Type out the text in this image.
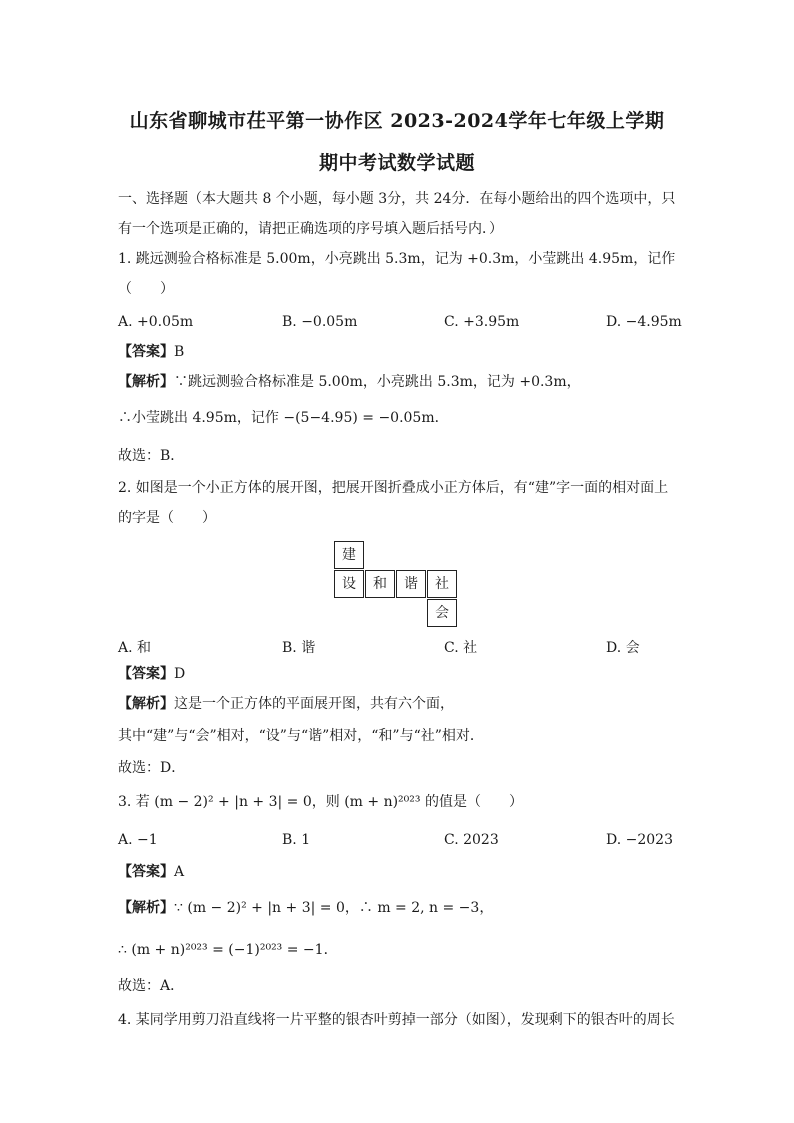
山东省聊城市茌平第一协作区 2023-2024学年七年级上学期
期中考试数学试题
一、选择题（本大题共 8 个小题，每小题 3分，共 24分．在每小题给出的四个选项中，只
有一个选项是正确的，请把正确选项的序号填入题后括号内．）
1. 跳远测验合格标准是 5.00m，小亮跳出 5.3m，记为 +0.3m，小莹跳出 4.95m，记作
（　　）
A. +0.05m	B. −0.05m	C. +3.95m	D. −4.95m
【答案】B
【解析】∵跳远测验合格标准是 5.00m，小亮跳出 5.3m，记为 +0.3m，
∴小莹跳出 4.95m，记作 −(5−4.95) = −0.05m．
故选：B．
2. 如图是一个小正方体的展开图，把展开图折叠成小正方体后，有“建”字一面的相对面上
的字是（　　）
建
设	和	谐	社
会
A. 和	B. 谐	C. 社	D. 会
【答案】D
【解析】这是一个正方体的平面展开图，共有六个面，
其中“建”与“会”相对，“设”与“谐”相对，“和”与“社”相对．
故选：D．
3. 若 (m − 2)² + |n + 3| = 0，则 (m + n)²⁰²³ 的值是（　　）
A. −1	B. 1	C. 2023	D. −2023
【答案】A
【解析】∵ (m − 2)² + |n + 3| = 0，∴ m = 2, n = −3，
∴ (m + n)²⁰²³ = (−1)²⁰²³ = −1．
故选：A．
4. 某同学用剪刀沿直线将一片平整的银杏叶剪掉一部分（如图），发现剩下的银杏叶的周长
